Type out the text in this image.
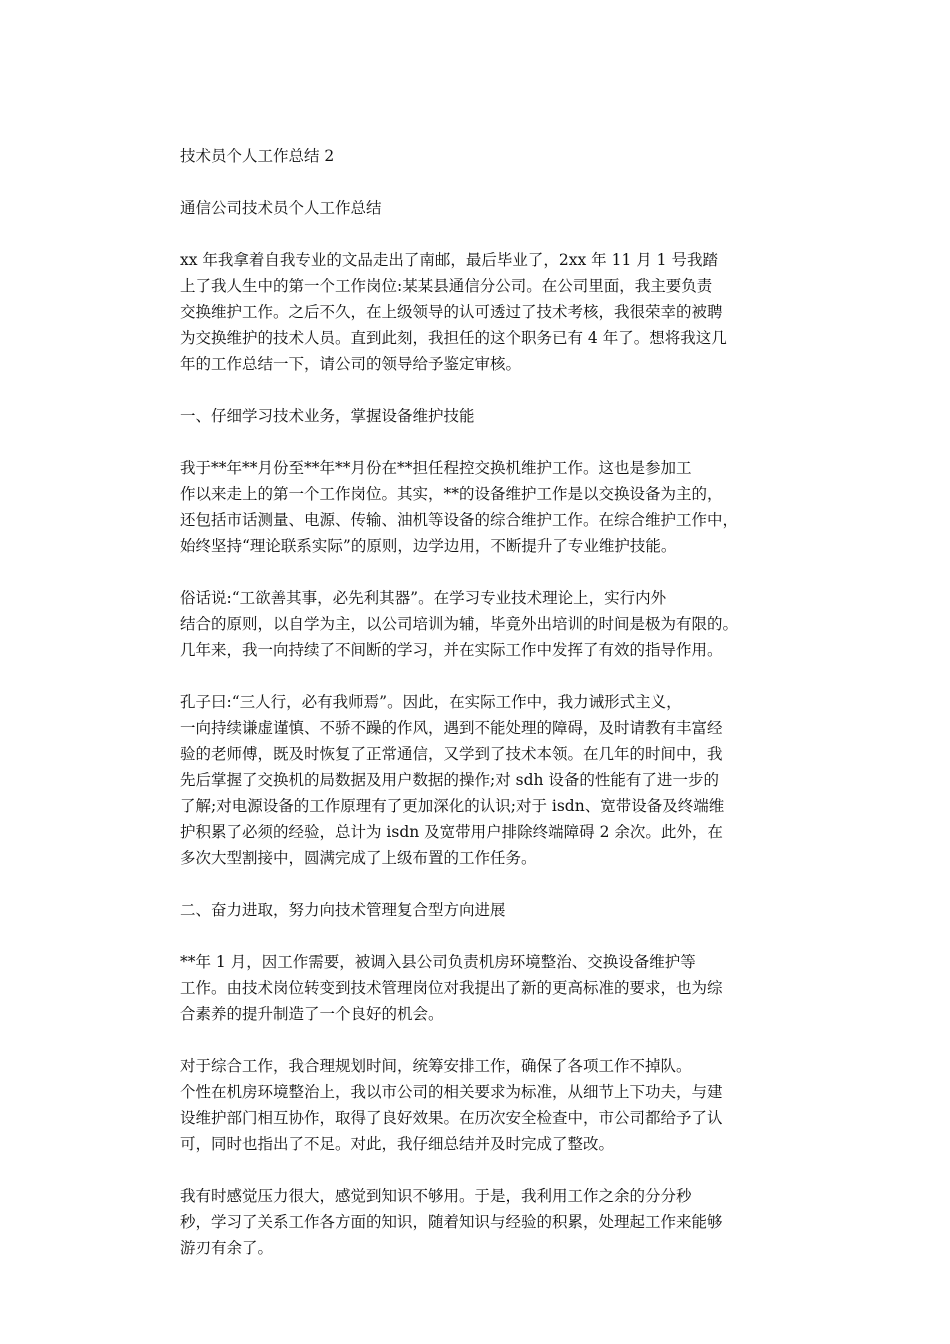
技术员个人工作总结 2

通信公司技术员个人工作总结

xx 年我拿着自我专业的文品走出了南邮，最后毕业了，2xx 年 11 月 1 号我踏
上了我人生中的第一个工作岗位:某某县通信分公司。在公司里面，我主要负责
交换维护工作。之后不久，在上级领导的认可透过了技术考核，我很荣幸的被聘
为交换维护的技术人员。直到此刻，我担任的这个职务已有 4 年了。想将我这几
年的工作总结一下，请公司的领导给予鉴定审核。

一、仔细学习技术业务，掌握设备维护技能

我于**年**月份至**年**月份在**担任程控交换机维护工作。这也是参加工
作以来走上的第一个工作岗位。其实，**的设备维护工作是以交换设备为主的，
还包括市话测量、电源、传输、油机等设备的综合维护工作。在综合维护工作中，
始终坚持“理论联系实际”的原则，边学边用，不断提升了专业维护技能。

俗话说:“工欲善其事，必先利其器”。在学习专业技术理论上，实行内外
结合的原则，以自学为主，以公司培训为辅，毕竟外出培训的时间是极为有限的。
几年来，我一向持续了不间断的学习，并在实际工作中发挥了有效的指导作用。

孔子曰:“三人行，必有我师焉”。因此，在实际工作中，我力诫形式主义，
一向持续谦虚谨慎、不骄不躁的作风，遇到不能处理的障碍，及时请教有丰富经
验的老师傅，既及时恢复了正常通信，又学到了技术本领。在几年的时间中，我
先后掌握了交换机的局数据及用户数据的操作;对 sdh 设备的性能有了进一步的
了解;对电源设备的工作原理有了更加深化的认识;对于 isdn、宽带设备及终端维
护积累了必须的经验，总计为 isdn 及宽带用户排除终端障碍 2 余次。此外，在
多次大型割接中，圆满完成了上级布置的工作任务。

二、奋力进取，努力向技术管理复合型方向进展

**年 1 月，因工作需要，被调入县公司负责机房环境整治、交换设备维护等
工作。由技术岗位转变到技术管理岗位对我提出了新的更高标准的要求，也为综
合素养的提升制造了一个良好的机会。

对于综合工作，我合理规划时间，统筹安排工作，确保了各项工作不掉队。
个性在机房环境整治上，我以市公司的相关要求为标准，从细节上下功夫，与建
设维护部门相互协作，取得了良好效果。在历次安全检查中，市公司都给予了认
可，同时也指出了不足。对此，我仔细总结并及时完成了整改。

我有时感觉压力很大，感觉到知识不够用。于是，我利用工作之余的分分秒
秒，学习了关系工作各方面的知识，随着知识与经验的积累，处理起工作来能够
游刃有余了。
